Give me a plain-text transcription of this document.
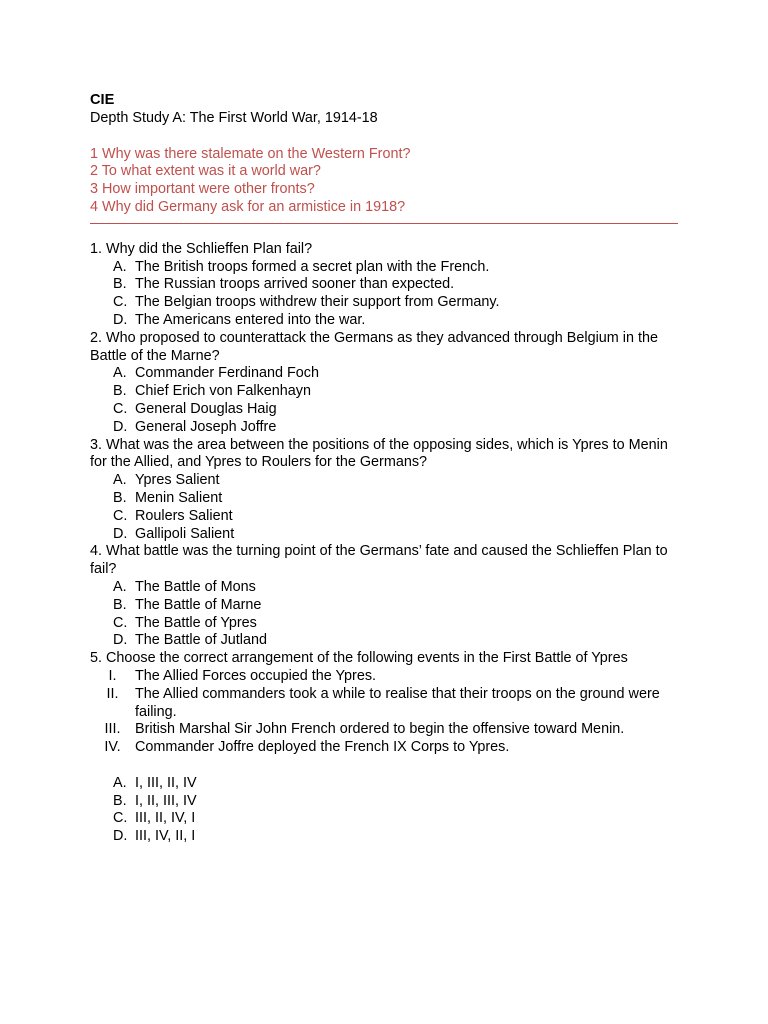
CIE
Depth Study A: The First World War, 1914-18
1 Why was there stalemate on the Western Front?
2 To what extent was it a world war?
3 How important were other fronts?
4 Why did Germany ask for an armistice in 1918?
1. Why did the Schlieffen Plan fail?
A. The British troops formed a secret plan with the French.
B. The Russian troops arrived sooner than expected.
C. The Belgian troops withdrew their support from Germany.
D. The Americans entered into the war.
2. Who proposed to counterattack the Germans as they advanced through Belgium in the Battle of the Marne?
A. Commander Ferdinand Foch
B. Chief Erich von Falkenhayn
C. General Douglas Haig
D. General Joseph Joffre
3. What was the area between the positions of the opposing sides, which is Ypres to Menin for the Allied, and Ypres to Roulers for the Germans?
A. Ypres Salient
B. Menin Salient
C. Roulers Salient
D. Gallipoli Salient
4. What battle was the turning point of the Germans’ fate and caused the Schlieffen Plan to fail?
A. The Battle of Mons
B. The Battle of Marne
C. The Battle of Ypres
D. The Battle of Jutland
5. Choose the correct arrangement of the following events in the First Battle of Ypres
I.	The Allied Forces occupied the Ypres.
II.	The Allied commanders took a while to realise that their troops on the ground were failing.
III.	British Marshal Sir John French ordered to begin the offensive toward Menin.
IV. Commander Joffre deployed the French IX Corps to Ypres.
A. I, III, II, IV
B. I, II, III, IV
C. III, II, IV, I
D. III, IV, II, I
